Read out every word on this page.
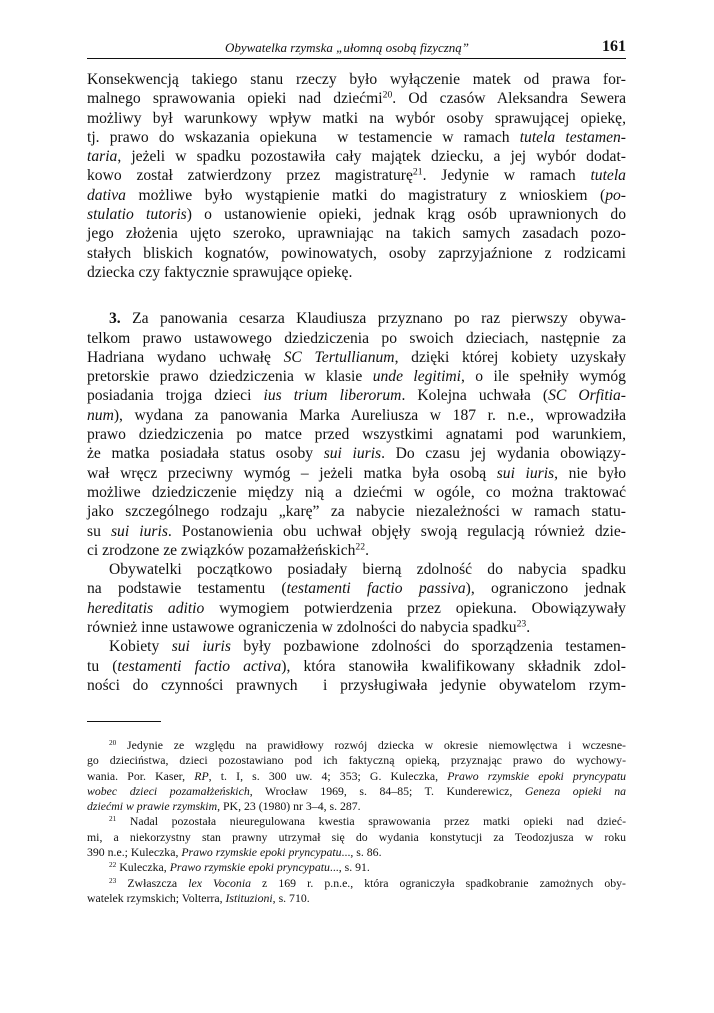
Obywatelka rzymska „ułomną osobą fizyczną”	161
Konsekwencją takiego stanu rzeczy było wyłączenie matek od prawa for-
malnego sprawowania opieki nad dziećmi$^{20}$. Od czasów Aleksandra Sewera
możliwy był warunkowy wpływ matki na wybór osoby sprawującej opiekę,
tj. prawo do wskazania opiekuna  w testamencie w ramach tutela testamen-
taria, jeżeli w spadku pozostawiła cały majątek dziecku, a jej wybór dodat-
kowo został zatwierdzony przez magistraturę$^{21}$. Jedynie w ramach tutela
dativa możliwe było wystąpienie matki do magistratury z wnioskiem (po-
stulatio tutoris) o ustanowienie opieki, jednak krąg osób uprawnionych do
jego złożenia ujęto szeroko, uprawniając na takich samych zasadach pozo-
stałych bliskich kognatów, powinowatych, osoby zaprzyjaźnione z rodzicami
dziecka czy faktycznie sprawujące opiekę.
3. Za panowania cesarza Klaudiusza przyznano po raz pierwszy obywa-
telkom prawo ustawowego dziedziczenia po swoich dzieciach, następnie za
Hadriana wydano uchwałę SC Tertullianum, dzięki której kobiety uzyskały
pretorskie prawo dziedziczenia w klasie unde legitimi, o ile spełniły wymóg
posiadania trojga dzieci ius trium liberorum. Kolejna uchwała (SC Orfitia-
num), wydana za panowania Marka Aureliusza w 187 r. n.e., wprowadziła
prawo dziedziczenia po matce przed wszystkimi agnatami pod warunkiem,
że matka posiadała status osoby sui iuris. Do czasu jej wydania obowiązy-
wał wręcz przeciwny wymóg – jeżeli matka była osobą sui iuris, nie było
możliwe dziedziczenie między nią a dziećmi w ogóle, co można traktować
jako szczególnego rodzaju „karę” za nabycie niezależności w ramach statu-
su sui iuris. Postanowienia obu uchwał objęły swoją regulacją również dzie-
ci zrodzone ze związków pozamałżeńskich$^{22}$.
Obywatelki początkowo posiadały bierną zdolność do nabycia spadku
na podstawie testamentu (testamenti factio passiva), ograniczono jednak
hereditatis aditio wymogiem potwierdzenia przez opiekuna. Obowiązywały
również inne ustawowe ograniczenia w zdolności do nabycia spadku$^{23}$.
Kobiety sui iuris były pozbawione zdolności do sporządzenia testamen-
tu (testamenti factio activa), która stanowiła kwalifikowany składnik zdol-
ności do czynności prawnych  i przysługiwała jedynie obywatelom rzym-
$^{20}$ Jedynie ze względu na prawidłowy rozwój dziecka w okresie niemowlęctwa i wczesne-
go dzieciństwa, dzieci pozostawiano pod ich faktyczną opieką, przyznając prawo do wychowy-
wania. Por. Kaser, RP, t. I, s. 300 uw. 4; 353; G. Kuleczka, Prawo rzymskie epoki pryncypatu
wobec dzieci pozamałżeńskich, Wrocław 1969, s. 84–85; T. Kunderewicz, Geneza opieki na
dziećmi w prawie rzymskim, PK, 23 (1980) nr 3–4, s. 287.
$^{21}$ Nadal pozostała nieuregulowana kwestia sprawowania przez matki opieki nad dzieć-
mi, a niekorzystny stan prawny utrzymał się do wydania konstytucji za Teodozjusza w roku
390 n.e.; Kuleczka, Prawo rzymskie epoki pryncypatu..., s. 86.
$^{22}$ Kuleczka, Prawo rzymskie epoki pryncypatu..., s. 91.
$^{23}$ Zwłaszcza lex Voconia z 169 r. p.n.e., która ograniczyła spadkobranie zamożnych oby-
watelek rzymskich; Volterra, Istituzioni, s. 710.
